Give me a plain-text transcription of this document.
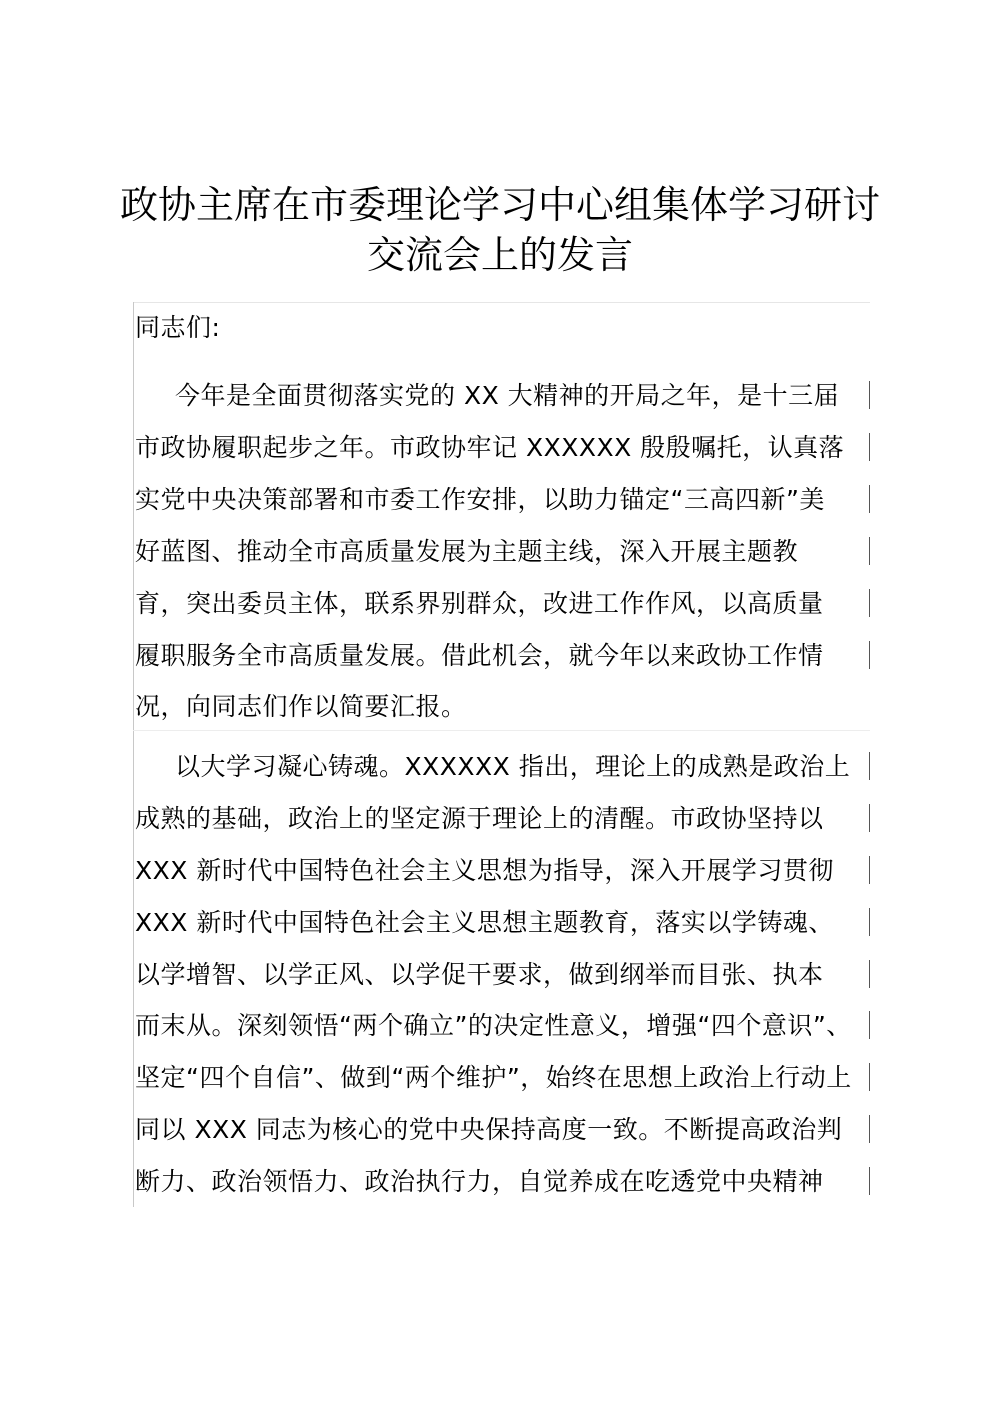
政协主席在市委理论学习中心组集体学习研讨
交流会上的发言
同志们:
今年是全面贯彻落实党的 XX 大精神的开局之年，是十三届
市政协履职起步之年。市政协牢记 XXXXXX 殷殷嘱托，认真落
实党中央决策部署和市委工作安排，以助力锚定“三高四新”美
好蓝图、推动全市高质量发展为主题主线，深入开展主题教
育，突出委员主体，联系界别群众，改进工作作风，以高质量
履职服务全市高质量发展。借此机会，就今年以来政协工作情
况，向同志们作以简要汇报。
以大学习凝心铸魂。XXXXXX 指出，理论上的成熟是政治上
成熟的基础，政治上的坚定源于理论上的清醒。市政协坚持以
XXX 新时代中国特色社会主义思想为指导，深入开展学习贯彻
XXX 新时代中国特色社会主义思想主题教育，落实以学铸魂、
以学增智、以学正风、以学促干要求，做到纲举而目张、执本
而末从。深刻领悟“两个确立”的决定性意义，增强“四个意识”、
坚定“四个自信”、做到“两个维护”，始终在思想上政治上行动上
同以 XXX 同志为核心的党中央保持高度一致。不断提高政治判
断力、政治领悟力、政治执行力，自觉养成在吃透党中央精神
